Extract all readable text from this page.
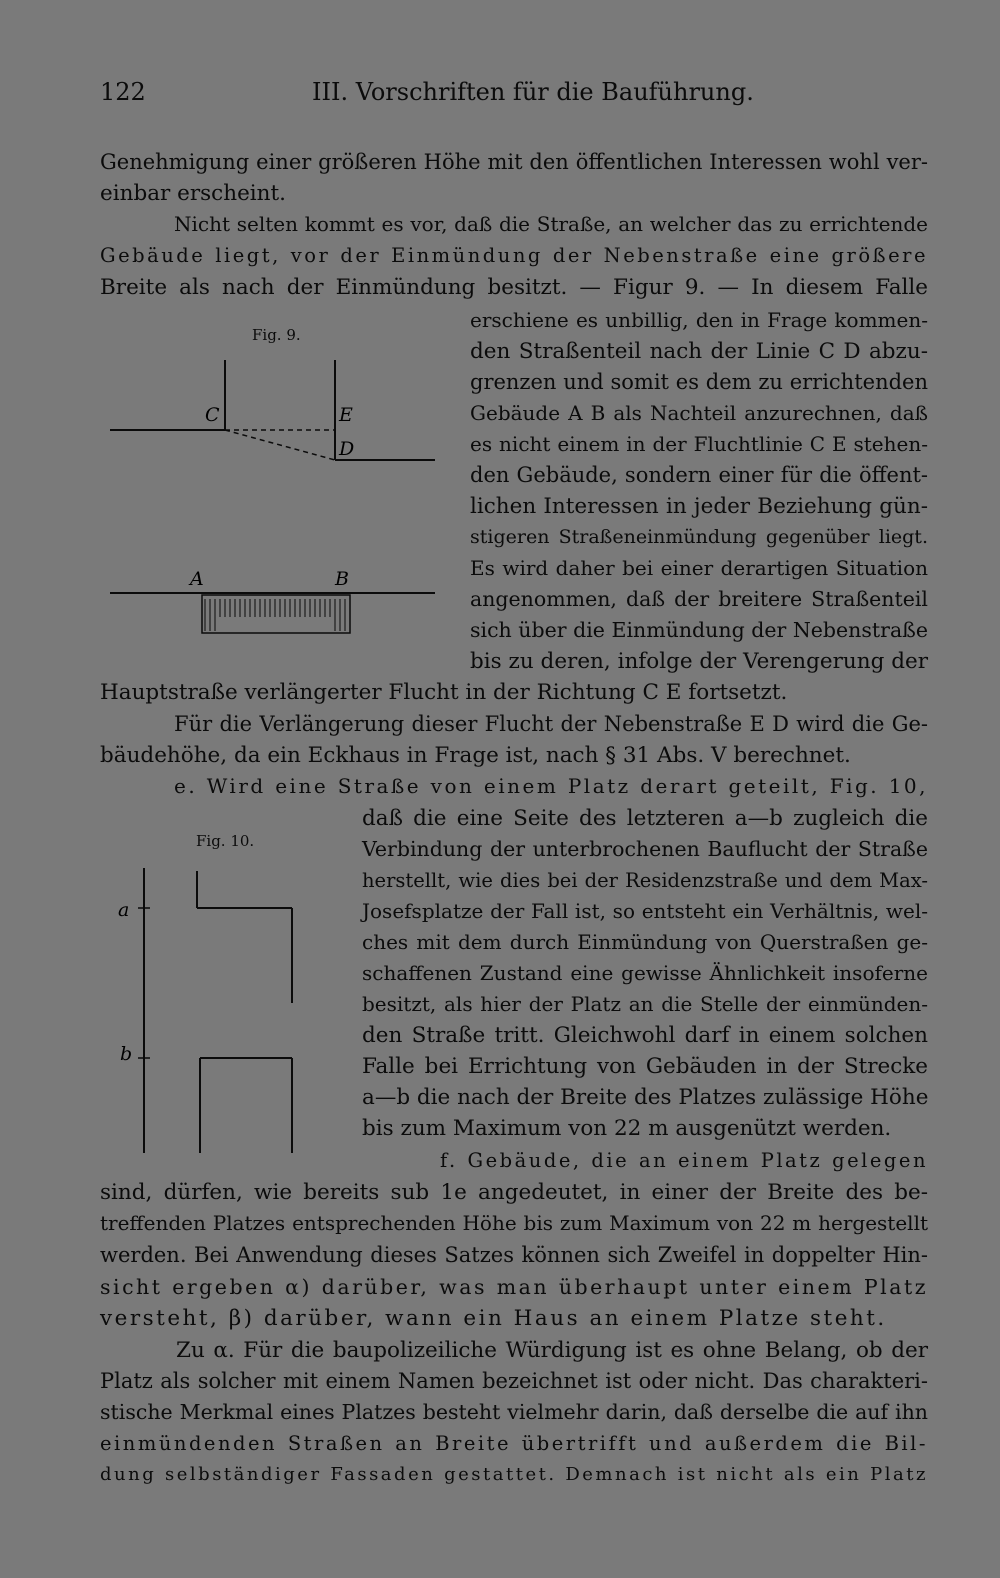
122	III. Vorschriften für die Bauführung.
Fig. 9.
C	E
D
A	B
Fig. 10.
a
b
Genehmigung einer größeren Höhe mit den öffentlichen Interessen wohl ver-
einbar erscheint.
Nicht selten kommt es vor, daß die Straße, an welcher das zu errichtende
Gebäude liegt, vor der Einmündung der Nebenstraße eine größere
Breite als nach der Einmündung besitzt. — Figur 9. — In diesem Falle
erschiene es unbillig, den in Frage kommen-
den Straßenteil nach der Linie C D abzu-
grenzen und somit es dem zu errichtenden
Gebäude A B als Nachteil anzurechnen, daß
es nicht einem in der Fluchtlinie C E stehen-
den Gebäude, sondern einer für die öffent-
lichen Interessen in jeder Beziehung gün-
stigeren Straßeneinmündung gegenüber liegt.
Es wird daher bei einer derartigen Situation
angenommen, daß der breitere Straßenteil
sich über die Einmündung der Nebenstraße
bis zu deren, infolge der Verengerung der
Hauptstraße verlängerter Flucht in der Richtung C E fortsetzt.
Für die Verlängerung dieser Flucht der Nebenstraße E D wird die Ge-
bäudehöhe, da ein Eckhaus in Frage ist, nach § 31 Abs. V berechnet.
e. Wird eine Straße von einem Platz derart geteilt, Fig. 10,
daß die eine Seite des letzteren a—b zugleich die
Verbindung der unterbrochenen Bauflucht der Straße
herstellt, wie dies bei der Residenzstraße und dem Max-
Josefsplatze der Fall ist, so entsteht ein Verhältnis, wel-
ches mit dem durch Einmündung von Querstraßen ge-
schaffenen Zustand eine gewisse Ähnlichkeit insoferne
besitzt, als hier der Platz an die Stelle der einmünden-
den Straße tritt. Gleichwohl darf in einem solchen
Falle bei Errichtung von Gebäuden in der Strecke
a—b die nach der Breite des Platzes zulässige Höhe
bis zum Maximum von 22 m ausgenützt werden.
f. Gebäude, die an einem Platz gelegen
sind, dürfen, wie bereits sub 1e angedeutet, in einer der Breite des be-
treffenden Platzes entsprechenden Höhe bis zum Maximum von 22 m hergestellt
werden. Bei Anwendung dieses Satzes können sich Zweifel in doppelter Hin-
sicht ergeben α) darüber, was man überhaupt unter einem Platz
versteht, β) darüber, wann ein Haus an einem Platze steht.
Zu α. Für die baupolizeiliche Würdigung ist es ohne Belang, ob der
Platz als solcher mit einem Namen bezeichnet ist oder nicht. Das charakteri-
stische Merkmal eines Platzes besteht vielmehr darin, daß derselbe die auf ihn
einmündenden Straßen an Breite übertrifft und außerdem die Bil-
dung selbständiger Fassaden gestattet. Demnach ist nicht als ein Platz
